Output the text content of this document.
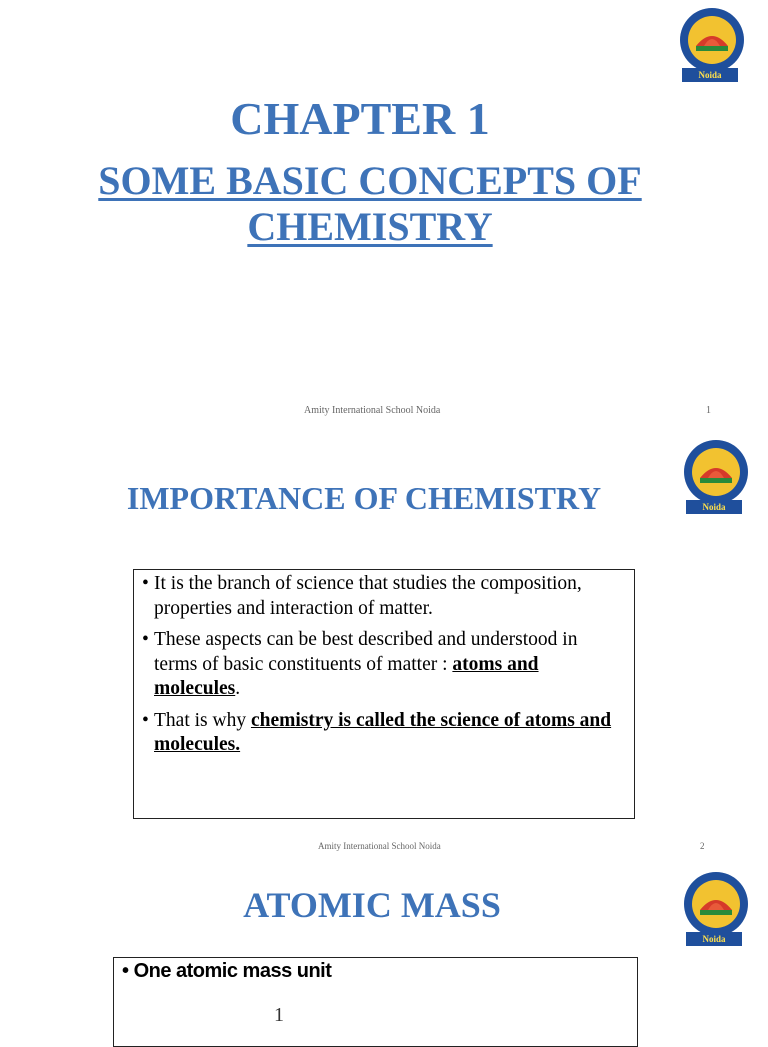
Noida
CHAPTER 1
SOME BASIC CONCEPTS OF CHEMISTRY
Amity International School Noida	1
Noida
IMPORTANCE OF CHEMISTRY
• It is the branch of science that studies the composition, properties and interaction of matter.
• These aspects can be best described and understood in terms of basic constituents of matter : atoms and molecules.
• That is why chemistry is called the science of atoms and molecules.
Amity International School Noida	2
Noida
ATOMIC MASS
• One atomic mass unit
1
